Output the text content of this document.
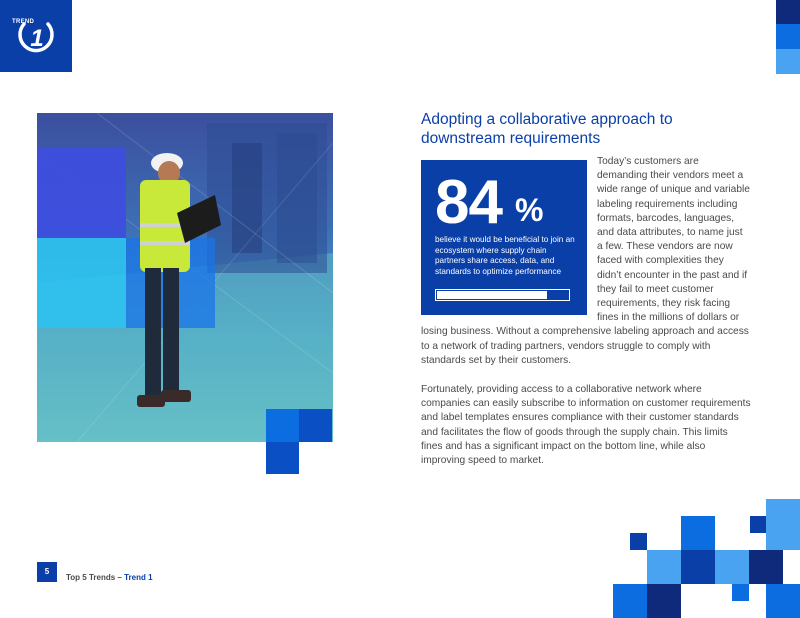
TREND
1
Adopting a collaborative approach to downstream requirements

Today’s customers are demanding their vendors meet a wide range of unique and variable labeling requirements including formats, barcodes, languages, and data attributes, to name just a few. These vendors are now faced with complexities they didn’t encounter in the past and if they fail to meet customer requirements, they risk facing fines in the millions of dollars or losing business. Without a comprehensive labeling approach and access to a network of trading partners, vendors struggle to comply with standards set by their customers.

84 %
believe it would be beneficial to join an ecosystem where supply chain partners share access, data, and standards to optimize performance

Fortunately, providing access to a collaborative network where companies can easily subscribe to information on customer requirements and label templates ensures compliance with their customer standards and facilitates the flow of goods through the supply chain. This limits fines and has a significant impact on the bottom line, while also improving speed to market.

5
Top 5 Trends – Trend 1
